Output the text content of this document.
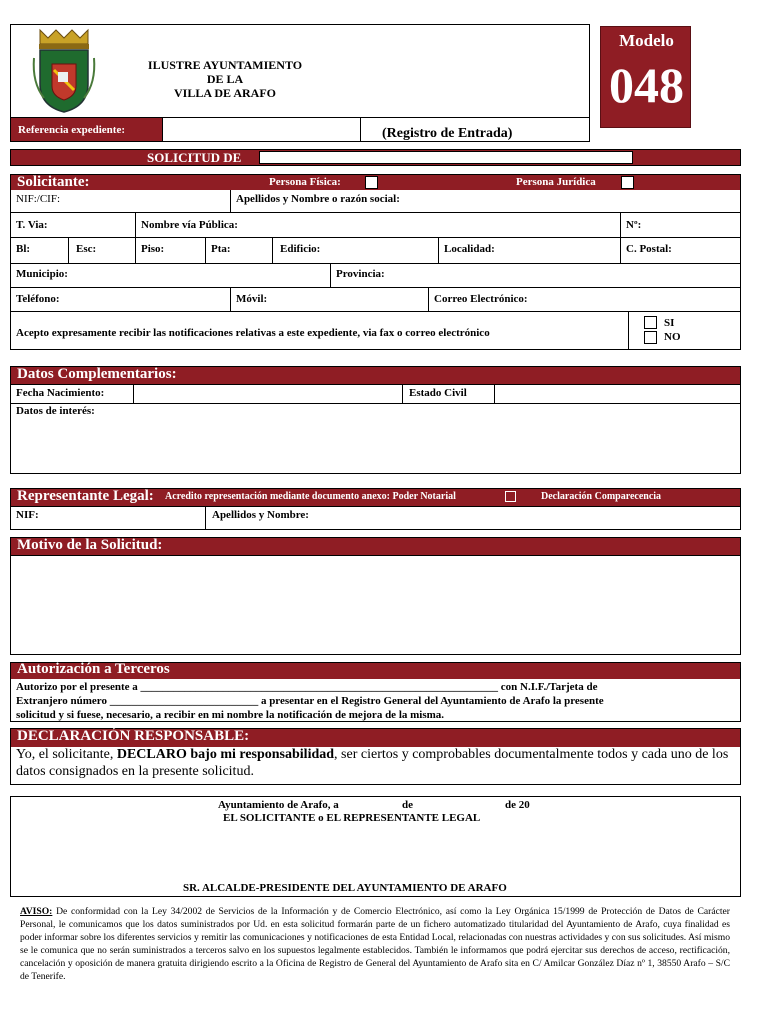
Referencia expediente:	(Registro de Entrada)
ILUSTRE AYUNTAMIENTO
DE LA
VILLA DE ARAFO
Modelo
048
SOLICITUD DE
Solicitante:	Persona Física:	Persona Jurídica
NIF:/CIF:	Apellidos y Nombre o razón social:
T. Via:	Nombre vía Pública:	Nº:
Bl:	Esc:	Piso:	Pta:	Edificio:	Localidad:	C. Postal:
Municipio:	Provincia:
Teléfono:	Móvil:	Correo Electrónico:
Acepto expresamente recibir las notificaciones relativas a este expediente, via fax o correo electrónico
SI
NO
Datos Complementarios:
Fecha Nacimiento:	Estado Civil
Datos de interés:
Representante Legal: Acredito representación mediante documento anexo: Poder Notarial	Declaración Comparecencia
NIF:	Apellidos y Nombre:
Motivo de la Solicitud:
Autorización a Terceros
Autorizo por el presente a _________________________________________________________________ con N.I.F./Tarjeta de
Extranjero número ___________________________ a presentar en el Registro General del Ayuntamiento de Arafo la presente
solicitud y si fuese, necesario, a recibir en mi nombre la notificación de mejora de la misma.
DECLARACIÓN RESPONSABLE:
Yo, el solicitante, DECLARO bajo mi responsabilidad, ser ciertos y comprobables documentalmente todos y cada uno de los datos consignados en la presente solicitud.
Ayuntamiento de Arafo, a	de	de 20
EL SOLICITANTE o EL REPRESENTANTE LEGAL
SR. ALCALDE-PRESIDENTE DEL AYUNTAMIENTO DE ARAFO
AVISO: De conformidad con la Ley 34/2002 de Servicios de la Información y de Comercio Electrónico, así como la Ley Orgánica 15/1999 de Protección de Datos de Carácter Personal, le comunicamos que los datos suministrados por Ud. en esta solicitud formarán parte de un fichero automatizado titularidad del Ayuntamiento de Arafo, cuya finalidad es poder informar sobre los diferentes servicios y remitir las comunicaciones y notificaciones de esta Entidad Local, relacionadas con nuestras actividades y con sus solicitudes. Así mismo se le comunica que no serán suministrados a terceros salvo en los supuestos legalmente establecidos. También le informamos que podrá ejercitar sus derechos de acceso, rectificación, cancelación y oposición de manera gratuita dirigiendo escrito a la Oficina de Registro de General del Ayuntamiento de Arafo sita en C/ Amilcar González Díaz nº 1, 38550 Arafo – S/C de Tenerife.
